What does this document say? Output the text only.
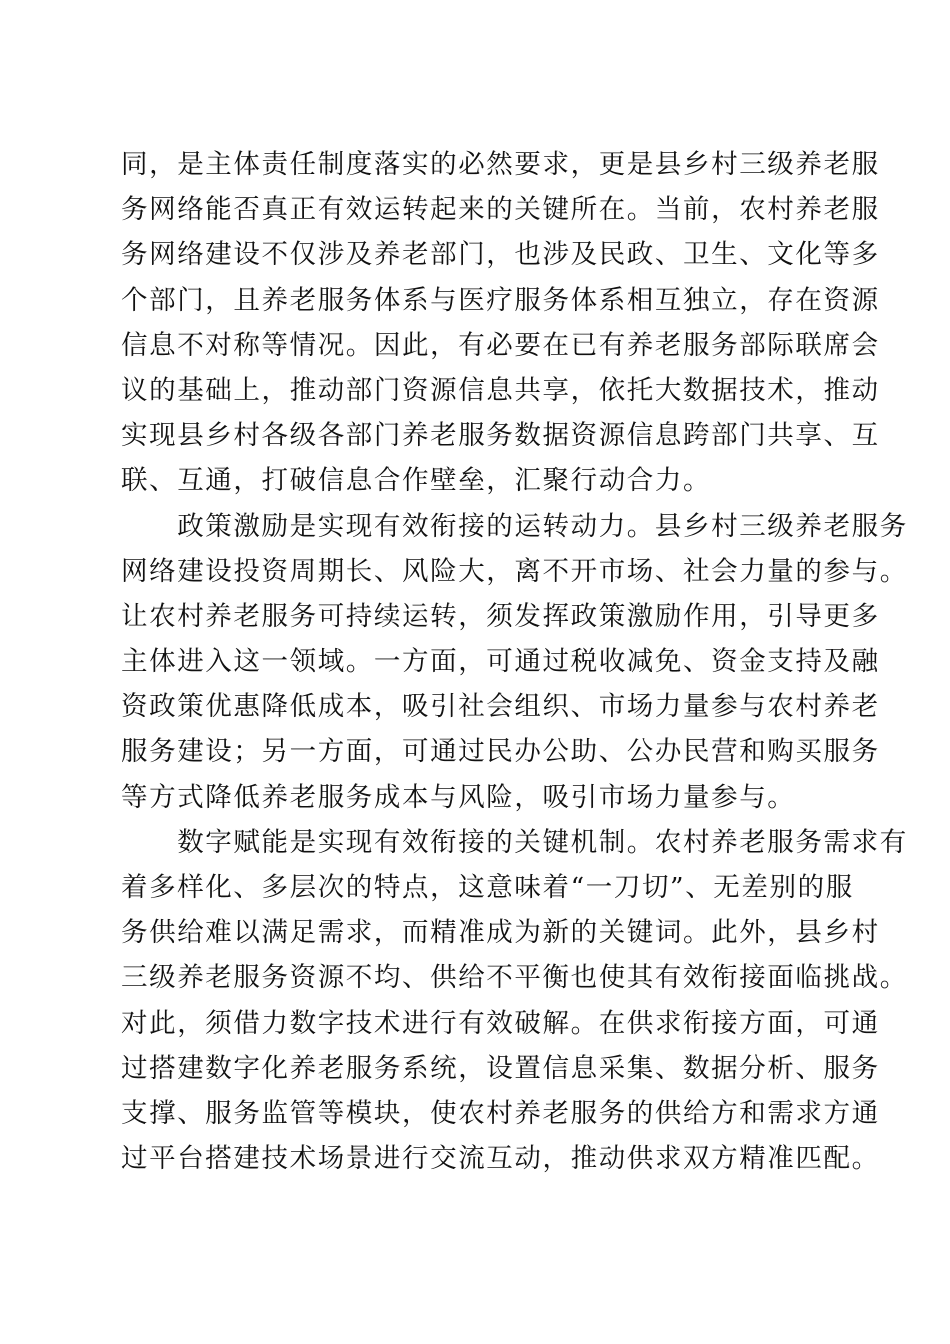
同，是主体责任制度落实的必然要求，更是县乡村三级养老服
务网络能否真正有效运转起来的关键所在。当前，农村养老服
务网络建设不仅涉及养老部门，也涉及民政、卫生、文化等多
个部门，且养老服务体系与医疗服务体系相互独立，存在资源
信息不对称等情况。因此，有必要在已有养老服务部际联席会
议的基础上，推动部门资源信息共享，依托大数据技术，推动
实现县乡村各级各部门养老服务数据资源信息跨部门共享、互
联、互通，打破信息合作壁垒，汇聚行动合力。
　　政策激励是实现有效衔接的运转动力。县乡村三级养老服务
网络建设投资周期长、风险大，离不开市场、社会力量的参与。
让农村养老服务可持续运转，须发挥政策激励作用，引导更多
主体进入这一领域。一方面，可通过税收减免、资金支持及融
资政策优惠降低成本，吸引社会组织、市场力量参与农村养老
服务建设；另一方面，可通过民办公助、公办民营和购买服务
等方式降低养老服务成本与风险，吸引市场力量参与。
　　数字赋能是实现有效衔接的关键机制。农村养老服务需求有
着多样化、多层次的特点，这意味着“一刀切”、无差别的服
务供给难以满足需求，而精准成为新的关键词。此外，县乡村
三级养老服务资源不均、供给不平衡也使其有效衔接面临挑战。
对此，须借力数字技术进行有效破解。在供求衔接方面，可通
过搭建数字化养老服务系统，设置信息采集、数据分析、服务
支撑、服务监管等模块，使农村养老服务的供给方和需求方通
过平台搭建技术场景进行交流互动，推动供求双方精准匹配。
